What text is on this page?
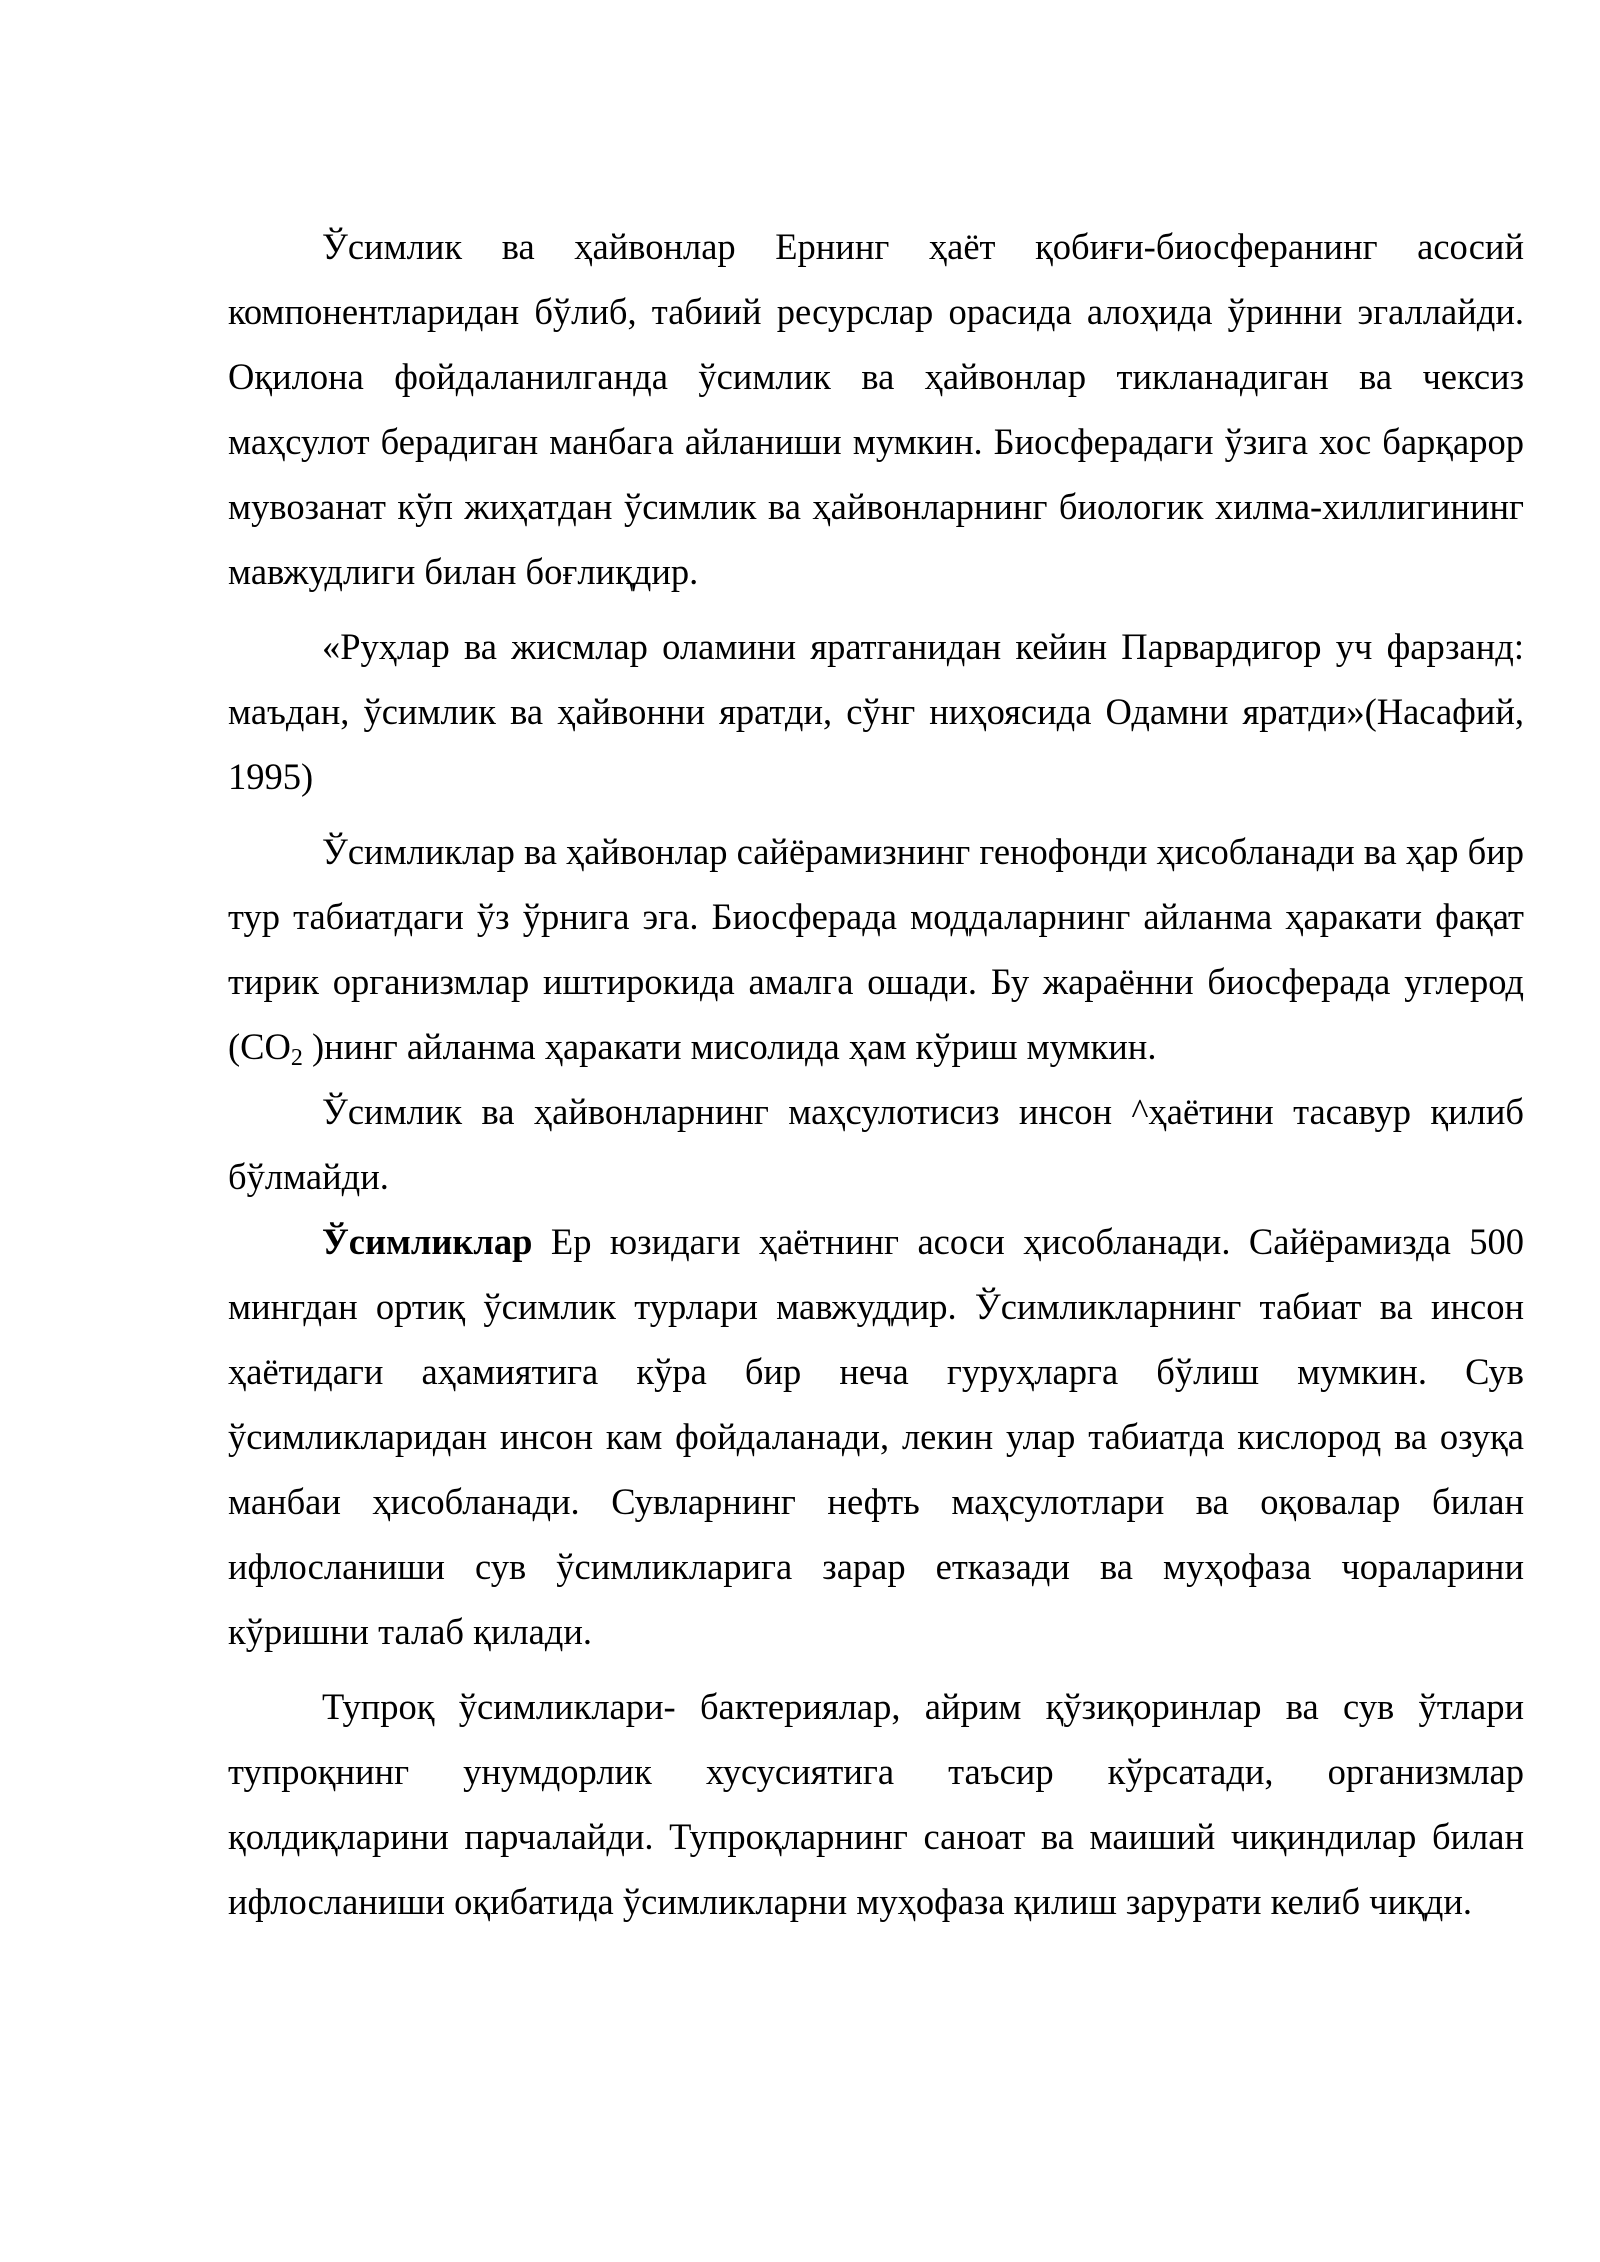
Ўсимлик ва ҳайвонлар Ернинг ҳаёт қобиғи-биосферанинг асосий компонентларидан бўлиб, табиий ресурслар орасида алоҳида ўринни эгаллайди. Оқилона фойдаланилганда ўсимлик ва ҳайвонлар тикланадиган ва чексиз маҳсулот берадиган манбага айланиши мумкин. Биосферадаги ўзига хос барқарор мувозанат кўп жиҳатдан ўсимлик ва ҳайвонларнинг биологик хилма-хиллигининг мавжудлиги билан боғлиқдир.

«Руҳлар ва жисмлар оламини яратганидан кейин Парвардигор уч фарзанд: маъдан, ўсимлик ва ҳайвонни яратди, сўнг ниҳоясида Одамни яратди»(Насафий, 1995)

Ўсимликлар ва ҳайвонлар сайёрамизнинг генофонди ҳисобланади ва ҳар бир тур табиатдаги ўз ўрнига эга. Биосферада моддаларнинг айланма ҳаракати фақат тирик организмлар иштирокида амалга ошади. Бу жараённи биосферада углерод ($СО_2$ )нинг айланма ҳаракати мисолида ҳам кўриш мумкин.

Ўсимлик ва ҳайвонларнинг маҳсулотисиз инсон ^ҳаётини тасавур қилиб бўлмайди.

Ўсимликлар Ер юзидаги ҳаётнинг асоси ҳисобланади. Сайёрамизда 500 мингдан ортиқ ўсимлик турлари мавжуддир. Ўсимликларнинг табиат ва инсон ҳаётидаги аҳамиятига кўра бир неча гуруҳларга бўлиш мумкин. Сув ўсимликларидан инсон кам фойдаланади, лекин улар табиатда кислород ва озуқа манбаи ҳисобланади. Сувларнинг нефть маҳсулотлари ва оқовалар билан ифлосланиши сув ўсимликларига зарар етказади ва муҳофаза чораларини кўришни талаб қилади.

Тупроқ ўсимликлари- бактериялар, айрим қўзиқоринлар ва сув ўтлари тупроқнинг унумдорлик хусусиятига таъсир кўрсатади, организмлар қолдиқларини парчалайди. Тупроқларнинг саноат ва маиший чиқиндилар билан ифлосланиши оқибатида ўсимликларни муҳофаза қилиш зарурати келиб чиқди.
